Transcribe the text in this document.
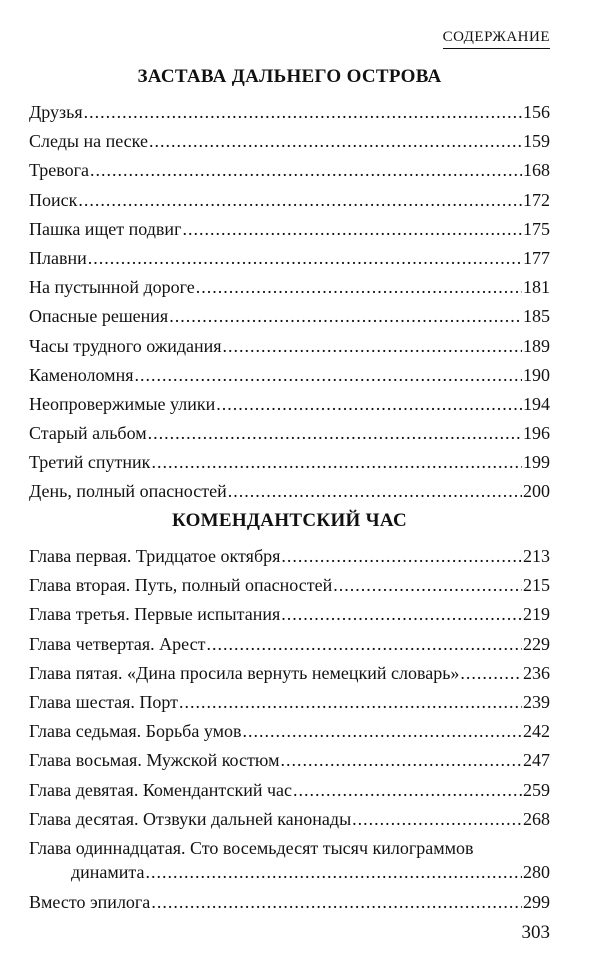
СОДЕРЖАНИЕ
ЗАСТАВА ДАЛЬНЕГО ОСТРОВА
Друзья .....	156
Следы на песке .....	159
Тревога .....	168
Поиск .....	172
Пашка ищет подвиг .....	175
Плавни .....	177
На пустынной дороге .....	181
Опасные решения .....	185
Часы трудного ожидания .....	189
Каменоломня .....	190
Неопровержимые улики .....	194
Старый альбом .....	196
Третий спутник .....	199
День, полный опасностей .....	200
КОМЕНДАНТСКИЙ ЧАС
Глава первая. Тридцатое октября .....	213
Глава вторая. Путь, полный опасностей .....	215
Глава третья. Первые испытания .....	219
Глава четвертая. Арест .....	229
Глава пятая. «Дина просила вернуть немецкий словарь» .....	236
Глава шестая. Порт .....	239
Глава седьмая. Борьба умов .....	242
Глава восьмая. Мужской костюм .....	247
Глава девятая. Комендантский час .....	259
Глава десятая. Отзвуки дальней канонады .....	268
Глава одиннадцатая. Сто восемьдесят тысяч килограммов
динамита .....	280
Вместо эпилога .....	299
303
